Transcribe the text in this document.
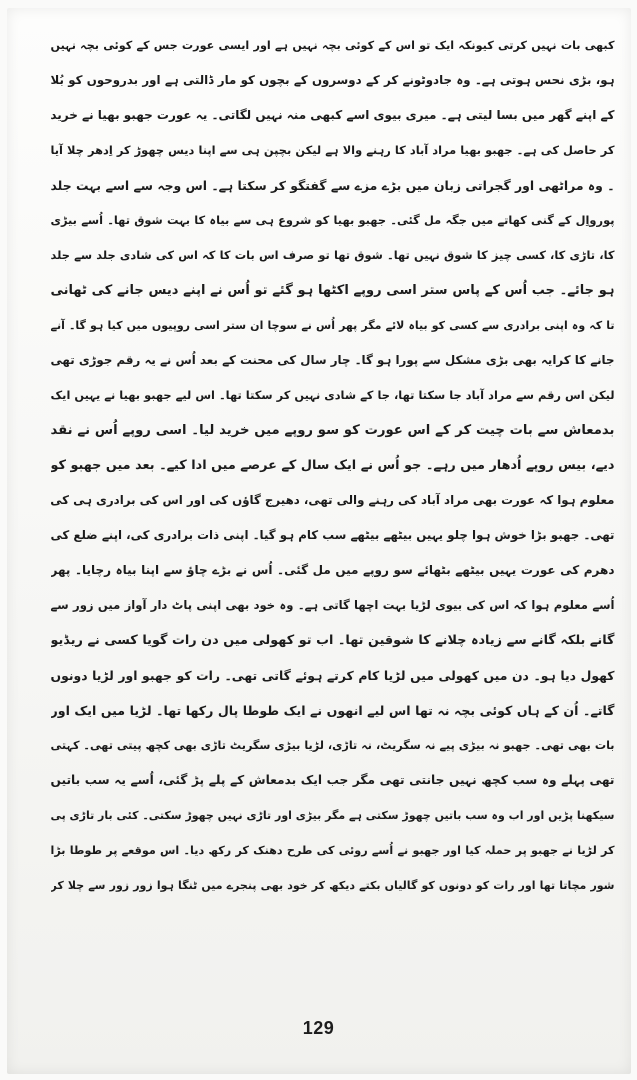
کبھی بات نہیں کرتی کیونکہ ایک تو اس کے کوئی بچہ نہیں ہے اور ایسی عورت جس کے کوئی بچہ نہیں
ہو، بڑی نحس ہوتی ہے۔ وہ جادوٹونے کر کے دوسروں کے بچوں کو مار ڈالتی ہے اور بدروحوں کو بُلا
کے اپنے گھر میں بسا لیتی ہے۔ میری بیوی اسے کبھی منہ نہیں لگاتی۔ یہ عورت جھبو بھیا نے خرید
کر حاصل کی ہے۔ جھبو بھیا مراد آباد کا رہنے والا ہے لیکن بچپن ہی سے اپنا دیس چھوڑ کر اِدھر چلا آیا
۔ وہ مراٹھی اور گجراتی زبان میں بڑے مزے سے گفتگو کر سکتا ہے۔ اس وجہ سے اسے بہت جلد
پورواِل کے گنی کھاتے میں جگہ مل گئی۔ جھبو بھیا کو شروع ہی سے بیاہ کا بہت شوق تھا۔ اُسے بیڑی
کا، تاڑی کا، کسی چیز کا شوق نہیں تھا۔ شوق تھا تو صرف اس بات کا کہ اس کی شادی جلد سے جلد
ہو جائے۔ جب اُس کے پاس ستر اسی روپے اکٹھا ہو گئے تو اُس نے اپنے دیس جانے کی ٹھانی
تا کہ وہ اپنی برادری سے کسی کو بیاہ لائے مگر پھر اُس نے سوچا ان ستر اسی روپیوں میں کیا ہو گا۔ آنے
جانے کا کرایہ بھی بڑی مشکل سے پورا ہو گا۔ چار سال کی محنت کے بعد اُس نے یہ رقم جوڑی تھی
لیکن اس رقم سے مراد آباد جا سکتا تھا، جا کے شادی نہیں کر سکتا تھا۔ اس لیے جھبو بھیا نے یہیں ایک
بدمعاش سے بات چیت کر کے اس عورت کو سو روپے میں خرید لیا۔ اسی روپے اُس نے نقد
دیے، بیس روپے اُدھار میں رہے۔ جو اُس نے ایک سال کے عرصے میں ادا کیے۔ بعد میں جھبو کو
معلوم ہوا کہ عورت بھی مراد آباد کی رہنے والی تھی، دھیرج گاؤں کی اور اس کی برادری ہی کی
تھی۔ جھبو بڑا خوش ہوا چلو یہیں بیٹھے بیٹھے سب کام ہو گیا۔ اپنی ذات برادری کی، اپنے ضلع کی
دھرم کی عورت یہیں بیٹھے بٹھائے سو روپے میں مل گئی۔ اُس نے بڑے چاؤ سے اپنا بیاہ رچایا۔ پھر
اُسے معلوم ہوا کہ اس کی بیوی لڑیا بہت اچھا گاتی ہے۔ وہ خود بھی اپنی پاٹ دار آواز میں زور سے
گانے بلکہ گانے سے زیادہ چلانے کا شوقین تھا۔ اب تو کھولی میں دن رات گویا کسی نے ریڈیو
کھول دیا ہو۔ دن میں کھولی میں لڑیا کام کرتے ہوئے گاتی تھی۔ رات کو جھبو اور لڑیا دونوں
گاتے۔ اُن کے ہاں کوئی بچہ نہ تھا اس لیے انھوں نے ایک طوطا پال رکھا تھا۔ لڑیا میں ایک اور
بات بھی تھی۔ جھبو نہ بیڑی پیے نہ سگریٹ، نہ تاڑی، لڑیا بیڑی سگریٹ تاڑی بھی کچھ پیتی تھی۔ کہتی
تھی پہلے وہ سب کچھ نہیں جانتی تھی مگر جب ایک بدمعاش کے پلے پڑ گئی، اُسے یہ سب باتیں
سیکھنا پڑیں اور اب وہ سب باتیں چھوڑ سکتی ہے مگر بیڑی اور تاڑی نہیں چھوڑ سکتی۔ کئی بار تاڑی پی
کر لڑیا نے جھبو پر حملہ کیا اور جھبو نے اُسے روئی کی طرح دھنک کر رکھ دیا۔ اس موقعے پر طوطا بڑا
شور مچاتا تھا اور رات کو دونوں کو گالیاں بکتے دیکھ کر خود بھی پنجرے میں ٹنگا ہوا زور زور سے چلا کر
129
